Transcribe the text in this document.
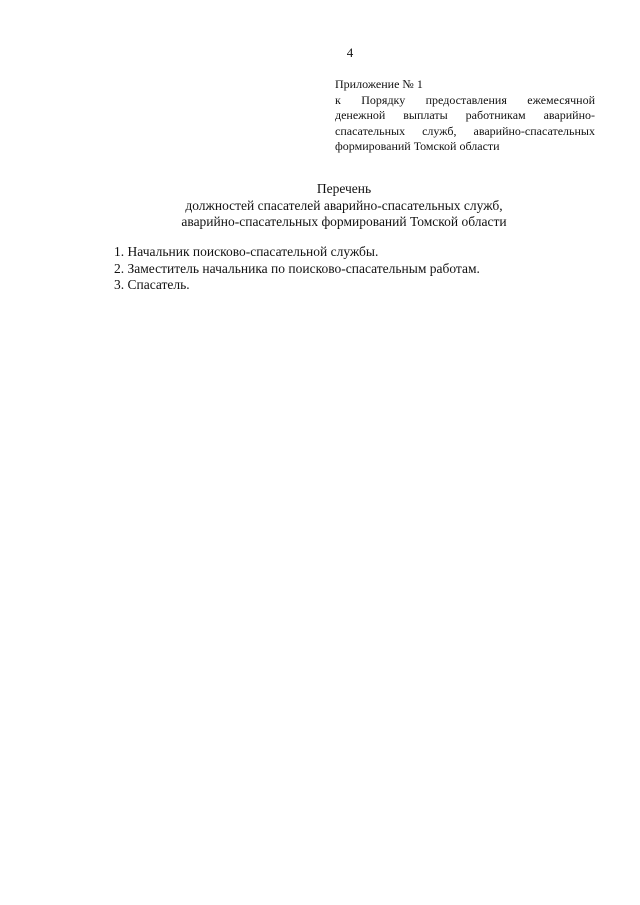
4
Приложение № 1
к Порядку предоставления ежемесячной денежной выплаты работникам аварийно-спасательных служб, аварийно-спасательных формирований Томской области
Перечень
должностей спасателей аварийно-спасательных служб,
аварийно-спасательных формирований Томской области
1. Начальник поисково-спасательной службы.
2. Заместитель начальника по поисково-спасательным работам.
3. Спасатель.
